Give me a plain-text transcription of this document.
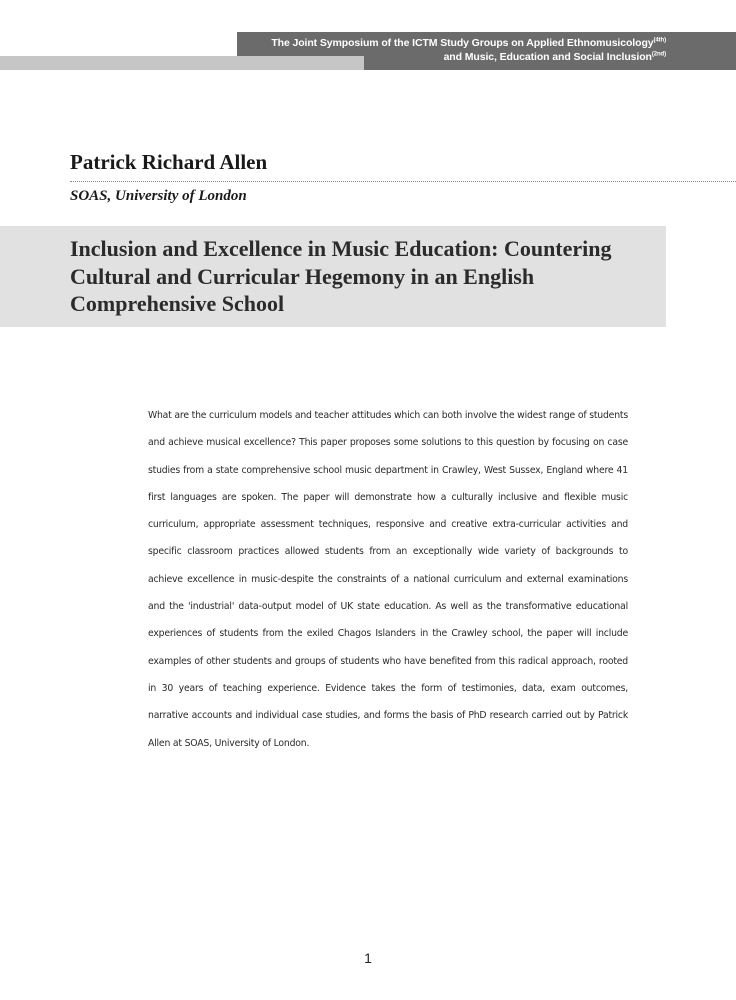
The Joint Symposium of the ICTM Study Groups on Applied Ethnomusicology$^{(4th)}$
and Music, Education and Social Inclusion$^{(2nd)}$
Patrick Richard Allen
SOAS, University of London
Inclusion and Excellence in Music Education: Countering Cultural and Curricular Hegemony in an English Comprehensive School

What are the curriculum models and teacher attitudes which can both involve the widest range of students and achieve musical excellence? This paper proposes some solutions to this question by focusing on case studies from a state comprehensive school music department in Crawley, West Sussex, England where 41 first languages are spoken. The paper will demonstrate how a culturally inclusive and flexible music curriculum, appropriate assessment techniques, responsive and creative extra-curricular activities and specific classroom practices allowed students from an exceptionally wide variety of backgrounds to achieve excellence in music-despite the constraints of a national curriculum and external examinations and the 'industrial' data-output model of UK state education. As well as the transformative educational experiences of students from the exiled Chagos Islanders in the Crawley school, the paper will include examples of other students and groups of students who have benefited from this radical approach, rooted in 30 years of teaching experience. Evidence takes the form of testimonies, data, exam outcomes, narrative accounts and individual case studies, and forms the basis of PhD research carried out by Patrick Allen at SOAS, University of London.

1
